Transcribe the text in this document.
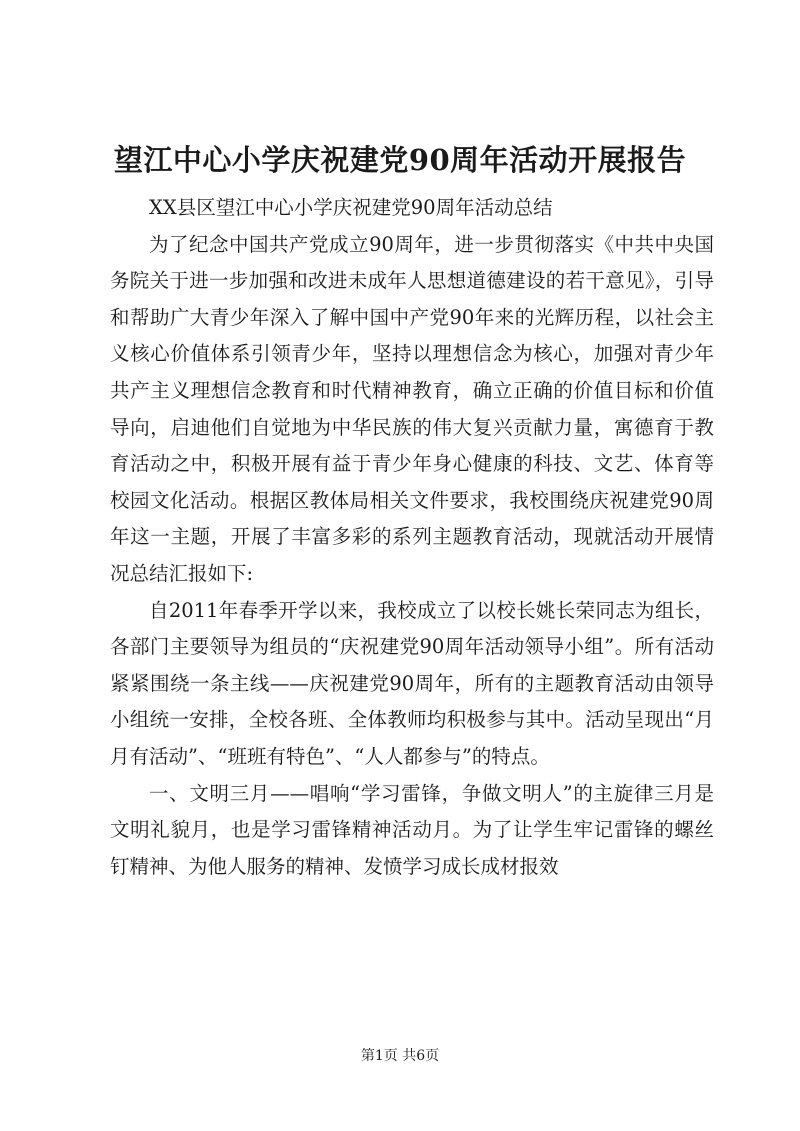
望江中心小学庆祝建党90周年活动开展报告

XX县区望江中心小学庆祝建党90周年活动总结

为了纪念中国共产党成立90周年，进一步贯彻落实《中共中央国务院关于进一步加强和改进未成年人思想道德建设的若干意见》，引导和帮助广大青少年深入了解中国中产党90年来的光辉历程，以社会主义核心价值体系引领青少年，坚持以理想信念为核心，加强对青少年共产主义理想信念教育和时代精神教育，确立正确的价值目标和价值导向，启迪他们自觉地为中华民族的伟大复兴贡献力量，寓德育于教育活动之中，积极开展有益于青少年身心健康的科技、文艺、体育等校园文化活动。根据区教体局相关文件要求，我校围绕庆祝建党90周年这一主题，开展了丰富多彩的系列主题教育活动，现就活动开展情况总结汇报如下:

自2011年春季开学以来，我校成立了以校长姚长荣同志为组长，各部门主要领导为组员的“庆祝建党90周年活动领导小组”。所有活动紧紧围绕一条主线——庆祝建党90周年，所有的主题教育活动由领导小组统一安排，全校各班、全体教师均积极参与其中。活动呈现出“月月有活动”、“班班有特色”、“人人都参与”的特点。

一、文明三月——唱响“学习雷锋，争做文明人”的主旋律三月是文明礼貌月，也是学习雷锋精神活动月。为了让学生牢记雷锋的螺丝钉精神、为他人服务的精神、发愤学习成长成材报效

第1页 共6页
